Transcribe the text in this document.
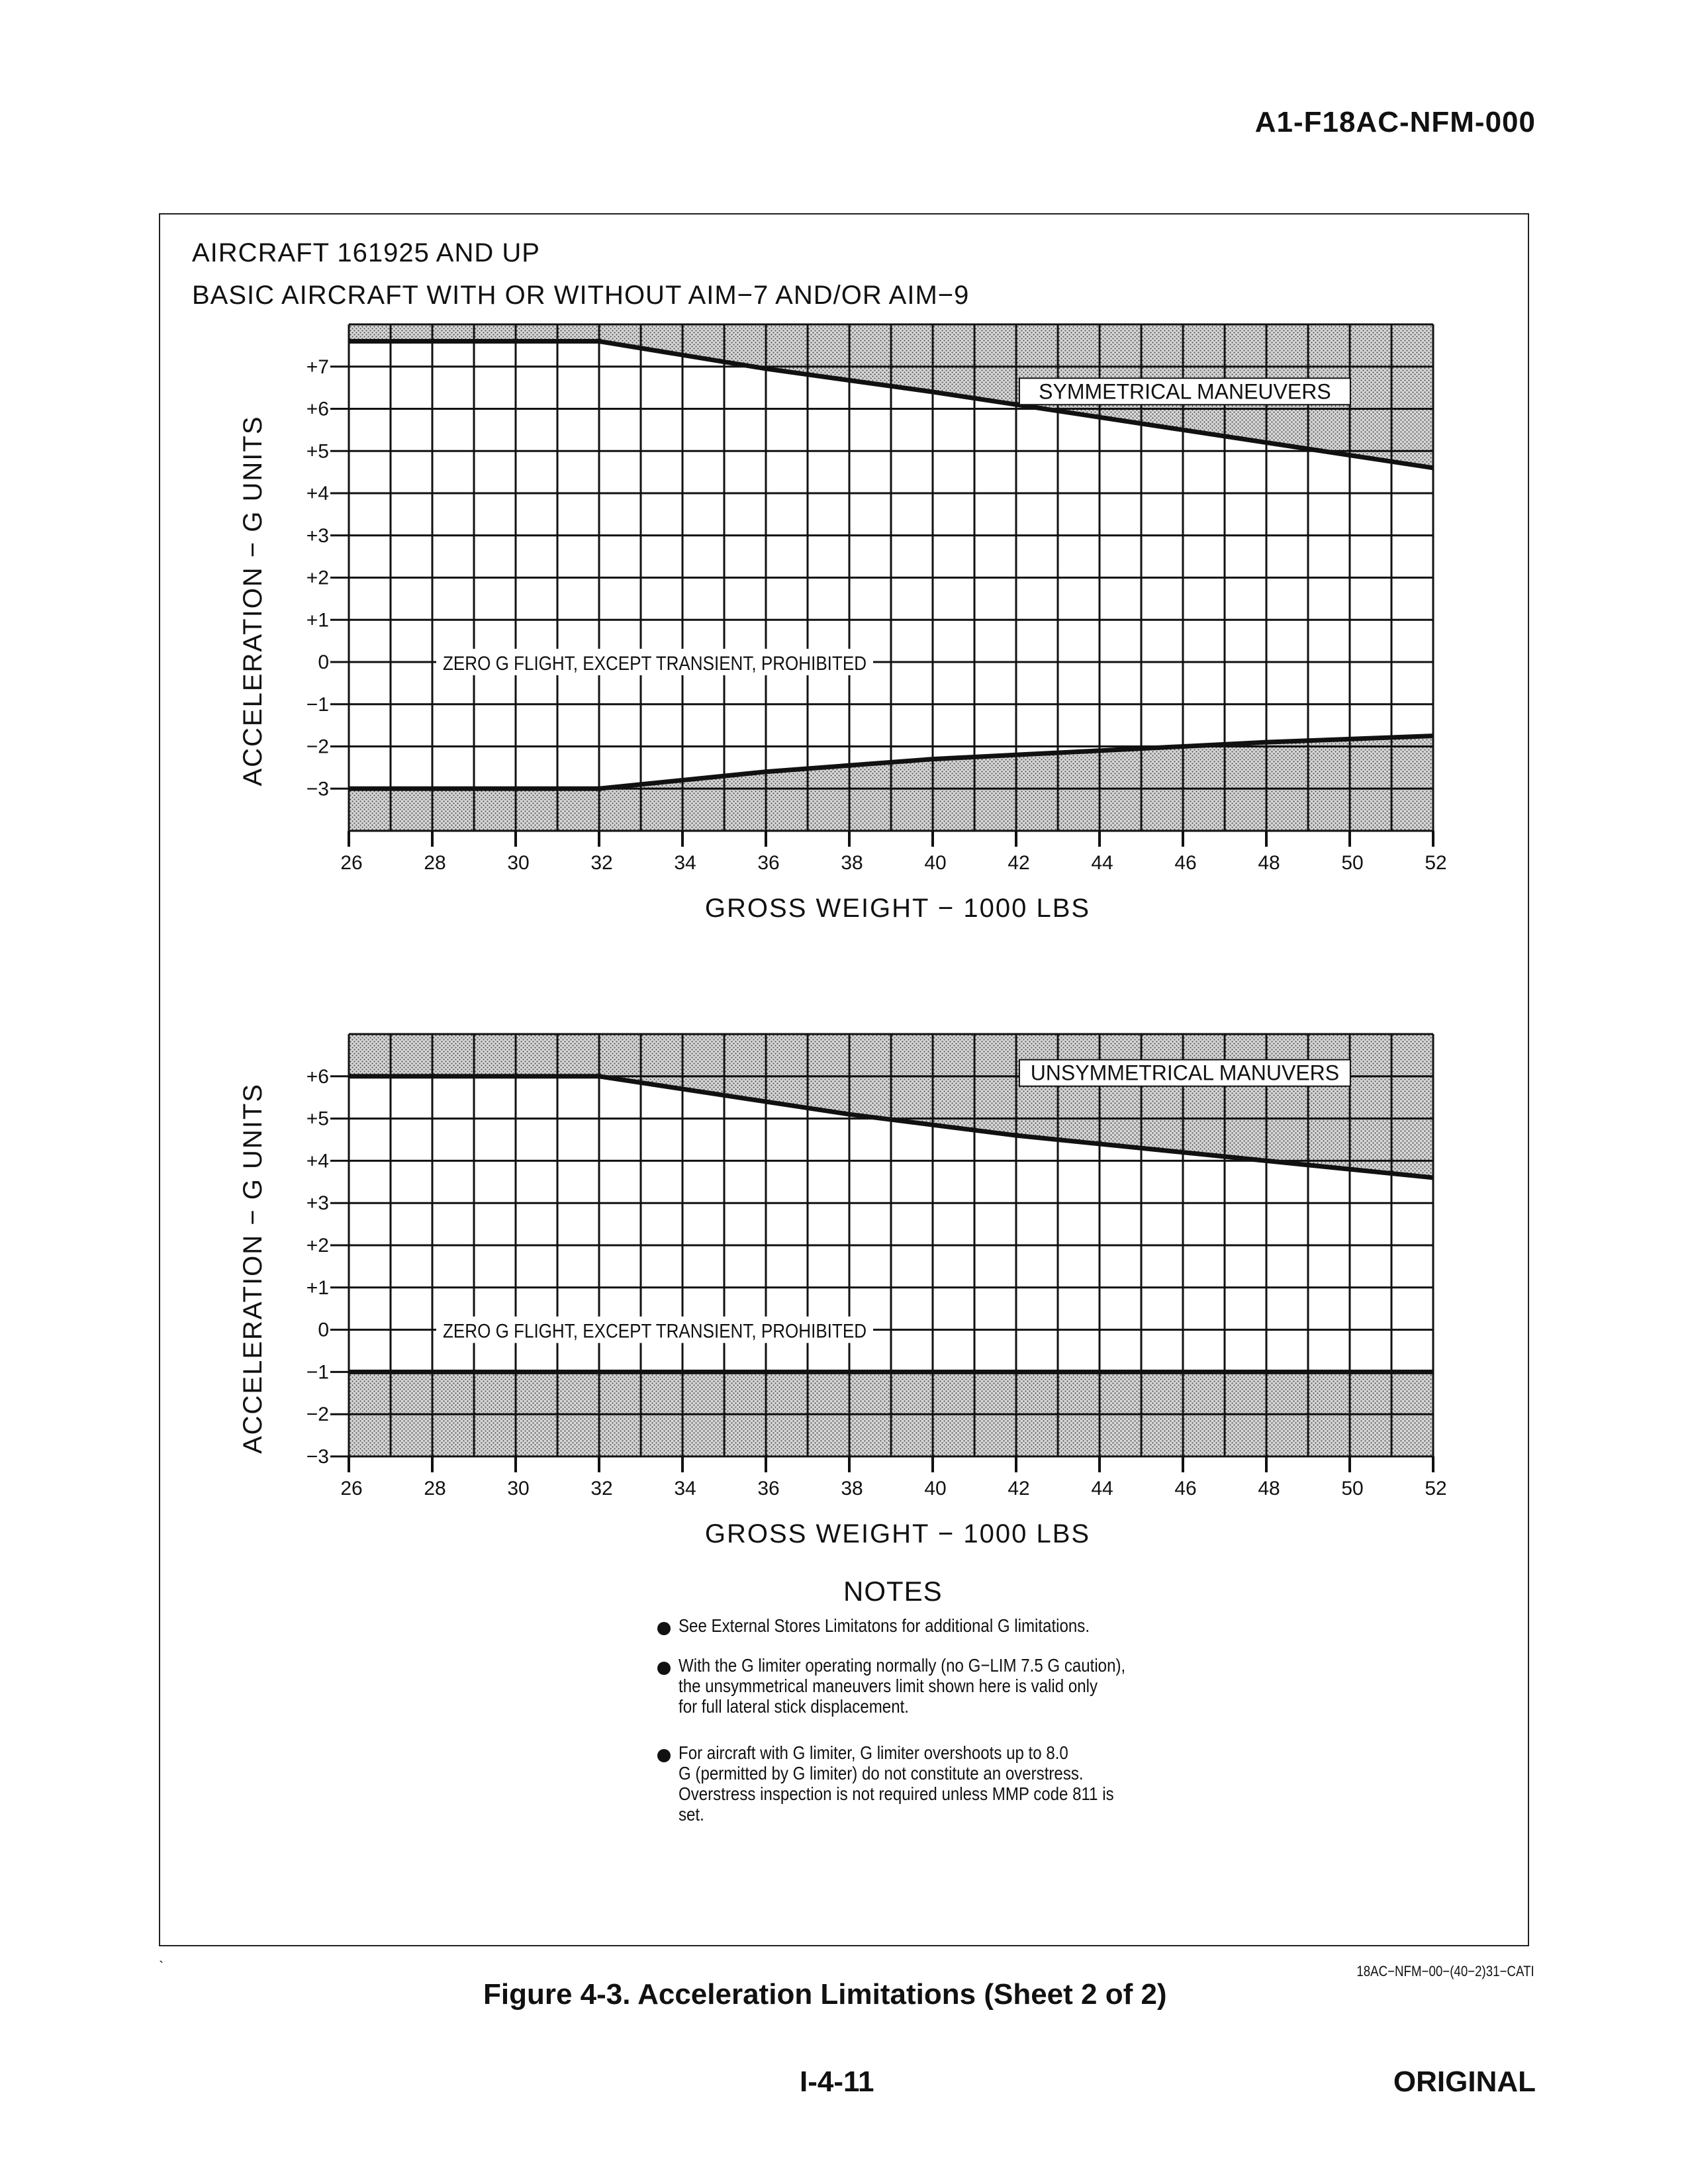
A1-F18AC-NFM-000
AIRCRAFT 161925 AND UP
BASIC AIRCRAFT WITH OR WITHOUT AIM−7 AND/OR AIM−9
26	28	30	32	34	36	38	40	42	44	46	48	50	52
+7
+6
+5
+4
+3
+2
+1
0
−1
−2
−3
GROSS WEIGHT − 1000 LBS
ACCELERATION − G UNITS
SYMMETRICAL MANEUVERS
ZERO G FLIGHT, EXCEPT TRANSIENT, PROHIBITED
26	28	30	32	34	36	38	40	42	44	46	48	50	52
+6
+5
+4
+3
+2
+1
0
−1
−2
−3
GROSS WEIGHT − 1000 LBS
ACCELERATION − G UNITS
UNSYMMETRICAL MANUVERS
ZERO G FLIGHT, EXCEPT TRANSIENT, PROHIBITED
NOTES
See External Stores Limitatons for additional G limitations.
With the G limiter operating normally (no G−LIM 7.5 G caution),
the unsymmetrical maneuvers limit shown here is valid only
for full lateral stick displacement.
For aircraft with G limiter, G limiter overshoots up to 8.0
G (permitted by G limiter) do not constitute an overstress.
Overstress inspection is not required unless MMP code 811 is
set.
`	18AC−NFM−00−(40−2)31−CATI
Figure 4-3. Acceleration Limitations (Sheet 2 of 2)
I-4-11	ORIGINAL
